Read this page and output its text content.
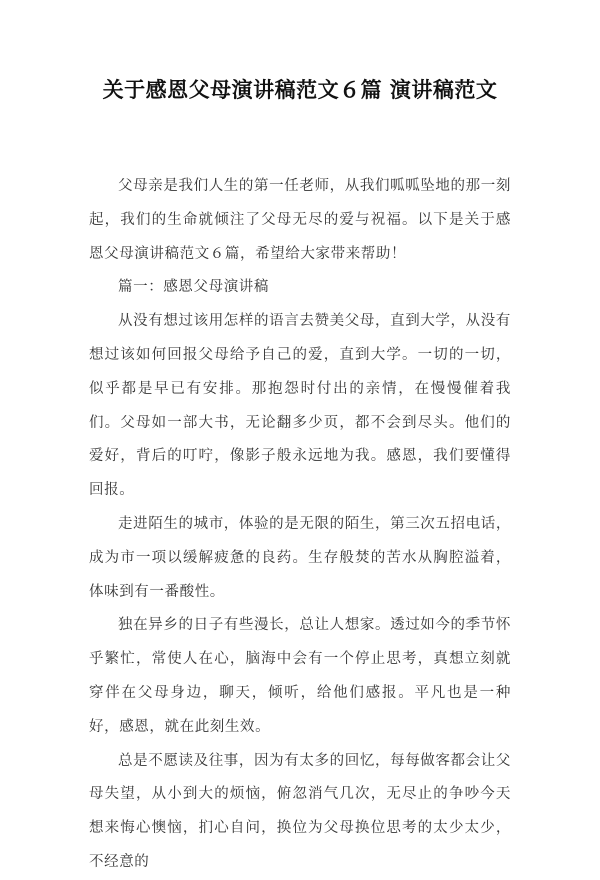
关于感恩父母演讲稿范文６篇 演讲稿范文

父母亲是我们人生的第一任老师，从我们呱呱坠地的那一刻起，我们的生命就倾注了父母无尽的爱与祝福。以下是关于感恩父母演讲稿范文６篇，希望给大家带来帮助！

篇一：感恩父母演讲稿

从没有想过该用怎样的语言去赞美父母，直到大学，从没有想过该如何回报父母给予自己的爱，直到大学。一切的一切，似乎都是早已有安排。那抱怨时付出的亲情，在慢慢催着我们。父母如一部大书，无论翻多少页，都不会到尽头。他们的爱好，背后的叮咛，像影子般永远地为我。感恩，我们要懂得回报。

走进陌生的城市，体验的是无限的陌生，第三次五招电话，成为市一项以缓解疲惫的良药。生存般焚的苦水从胸腔溢着，体味到有一番酸性。

独在异乡的日子有些漫长，总让人想家。透过如今的季节怀乎繁忙，常使人在心，脑海中会有一个停止思考，真想立刻就穿伴在父母身边，聊天，倾听，给他们感报。平凡也是一种好，感恩，就在此刻生效。

总是不愿读及往事，因为有太多的回忆，每每做客都会让父母失望，从小到大的烦恼，俯忽消气几次，无尽止的争吵今天想来悔心懊恼，扪心自问，换位为父母换位思考的太少太少，不经意的
